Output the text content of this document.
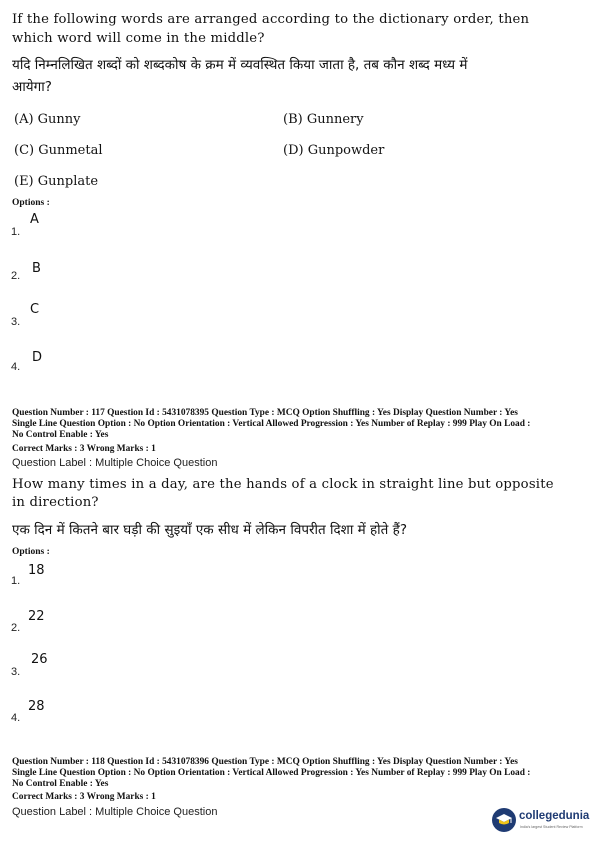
If the following words are arranged according to the dictionary order, then
which word will come in the middle?
यदि निम्नलिखित शब्दों को शब्दकोष के क्रम में व्यवस्थित किया जाता है, तब कौन शब्द मध्य में
आयेगा?
(A) Gunny	(B) Gunnery
(C) Gunmetal	(D) Gunpowder
(E) Gunplate
Options :
A
1.
B
2.
C
3.
D
4.
Question Number : 117 Question Id : 5431078395 Question Type : MCQ Option Shuffling : Yes Display Question Number : Yes
Single Line Question Option : No Option Orientation : Vertical Allowed Progression : Yes Number of Replay : 999 Play On Load :
No Control Enable : Yes
Correct Marks : 3 Wrong Marks : 1
Question Label : Multiple Choice Question
How many times in a day, are the hands of a clock in straight line but opposite
in direction?
एक दिन में कितने बार घड़ी की सुइयाँ एक सीध में लेकिन विपरीत दिशा में होते हैं?
Options :
18
1.
22
2.
26
3.
28
4.
Question Number : 118 Question Id : 5431078396 Question Type : MCQ Option Shuffling : Yes Display Question Number : Yes
Single Line Question Option : No Option Orientation : Vertical Allowed Progression : Yes Number of Replay : 999 Play On Load :
No Control Enable : Yes
Correct Marks : 3 Wrong Marks : 1
Question Label : Multiple Choice Question	collegedunia
India's largest Student Review Platform
